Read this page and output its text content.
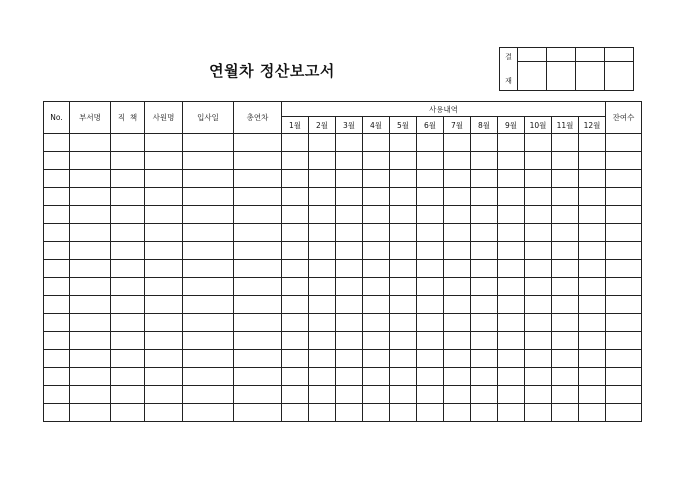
연월차 정산보고서
결
재				

No.	부서명	직  책	사원명	입사일	총연차	사용내역												잔여수
						1월	2월	3월	4월	5월	6월	7월	8월	9월	10월	11월	12월	
